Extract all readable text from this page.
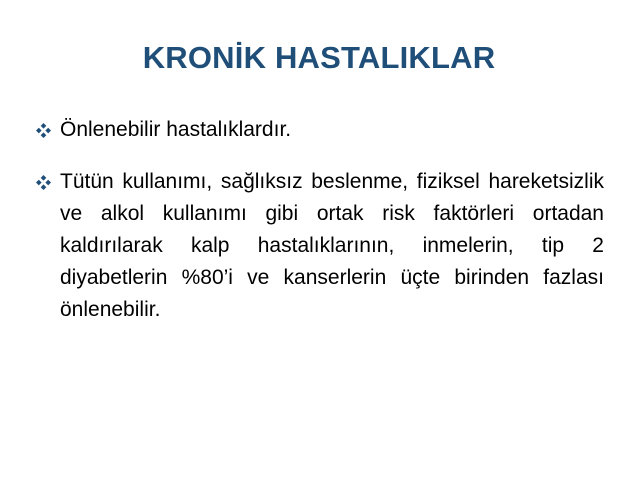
KRONİK HASTALIKLAR
Önlenebilir hastalıklardır.
Tütün kullanımı, sağlıksız beslenme, fiziksel hareketsizlik ve alkol kullanımı gibi ortak risk faktörleri ortadan kaldırılarak kalp hastalıklarının, inmelerin, tip 2 diyabetlerin %80’i ve kanserlerin üçte birinden fazlası önlenebilir.
